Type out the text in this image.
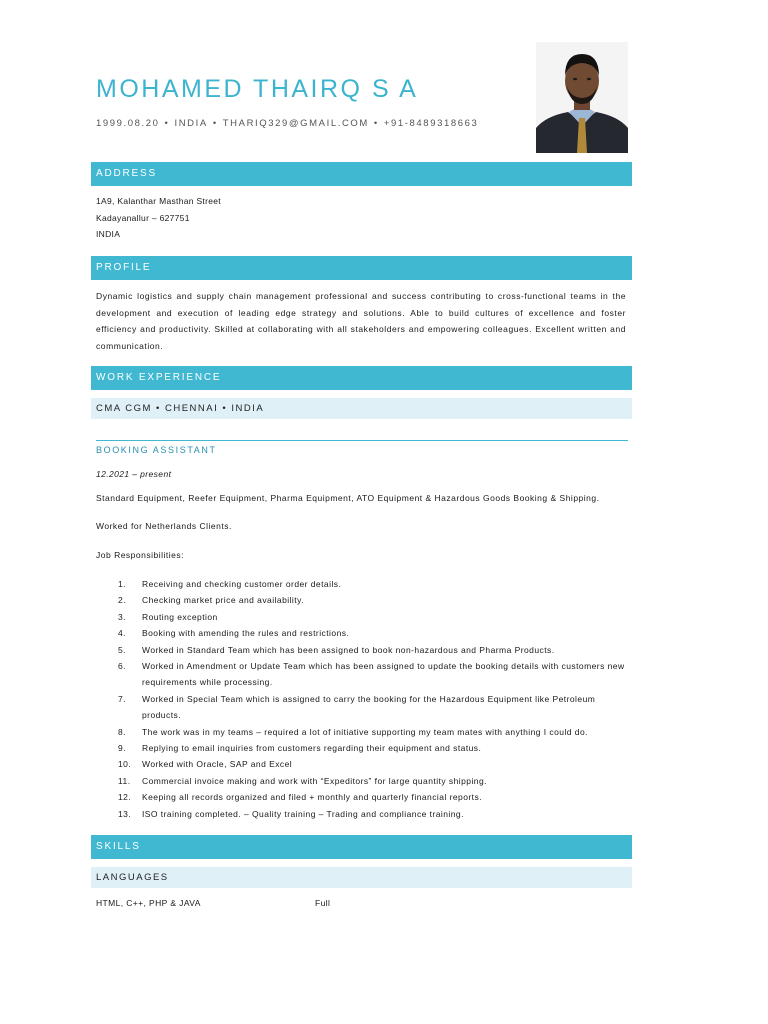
MOHAMED THAIRQ S A
1999.08.20 • INDIA • THARIQ329@GMAIL.COM • +91-8489318663
ADDRESS
1A9, Kalanthar Masthan Street
Kadayanallur – 627751
INDIA
PROFILE
Dynamic logistics and supply chain management professional and success contributing to cross-functional teams in the development and execution of leading edge strategy and solutions. Able to build cultures of excellence and foster efficiency and productivity. Skilled at collaborating with all stakeholders and empowering colleagues. Excellent written and communication.
WORK EXPERIENCE
CMA CGM • CHENNAI • INDIA
BOOKING ASSISTANT
12.2021 – present
Standard Equipment, Reefer Equipment, Pharma Equipment, ATO Equipment & Hazardous Goods Booking & Shipping.
Worked for Netherlands Clients.
Job Responsibilities:
1.	Receiving and checking customer order details.
2.	Checking market price and availability.
3.	Routing exception
4.	Booking with amending the rules and restrictions.
5.	Worked in Standard Team which has been assigned to book non-hazardous and Pharma Products.
6.	Worked in Amendment or Update Team which has been assigned to update the booking details with customers new requirements while processing.
7.	Worked in Special Team which is assigned to carry the booking for the Hazardous Equipment like Petroleum products.
8.	The work was in my teams – required a lot of initiative supporting my team mates with anything I could do.
9.	Replying to email inquiries from customers regarding their equipment and status.
10.	Worked with Oracle, SAP and Excel
11.	Commercial invoice making and work with “Expeditors” for large quantity shipping.
12.	Keeping all records organized and filed + monthly and quarterly financial reports.
13.	ISO training completed. – Quality training – Trading and compliance training.
SKILLS
LANGUAGES
HTML, C++, PHP & JAVA	Full
